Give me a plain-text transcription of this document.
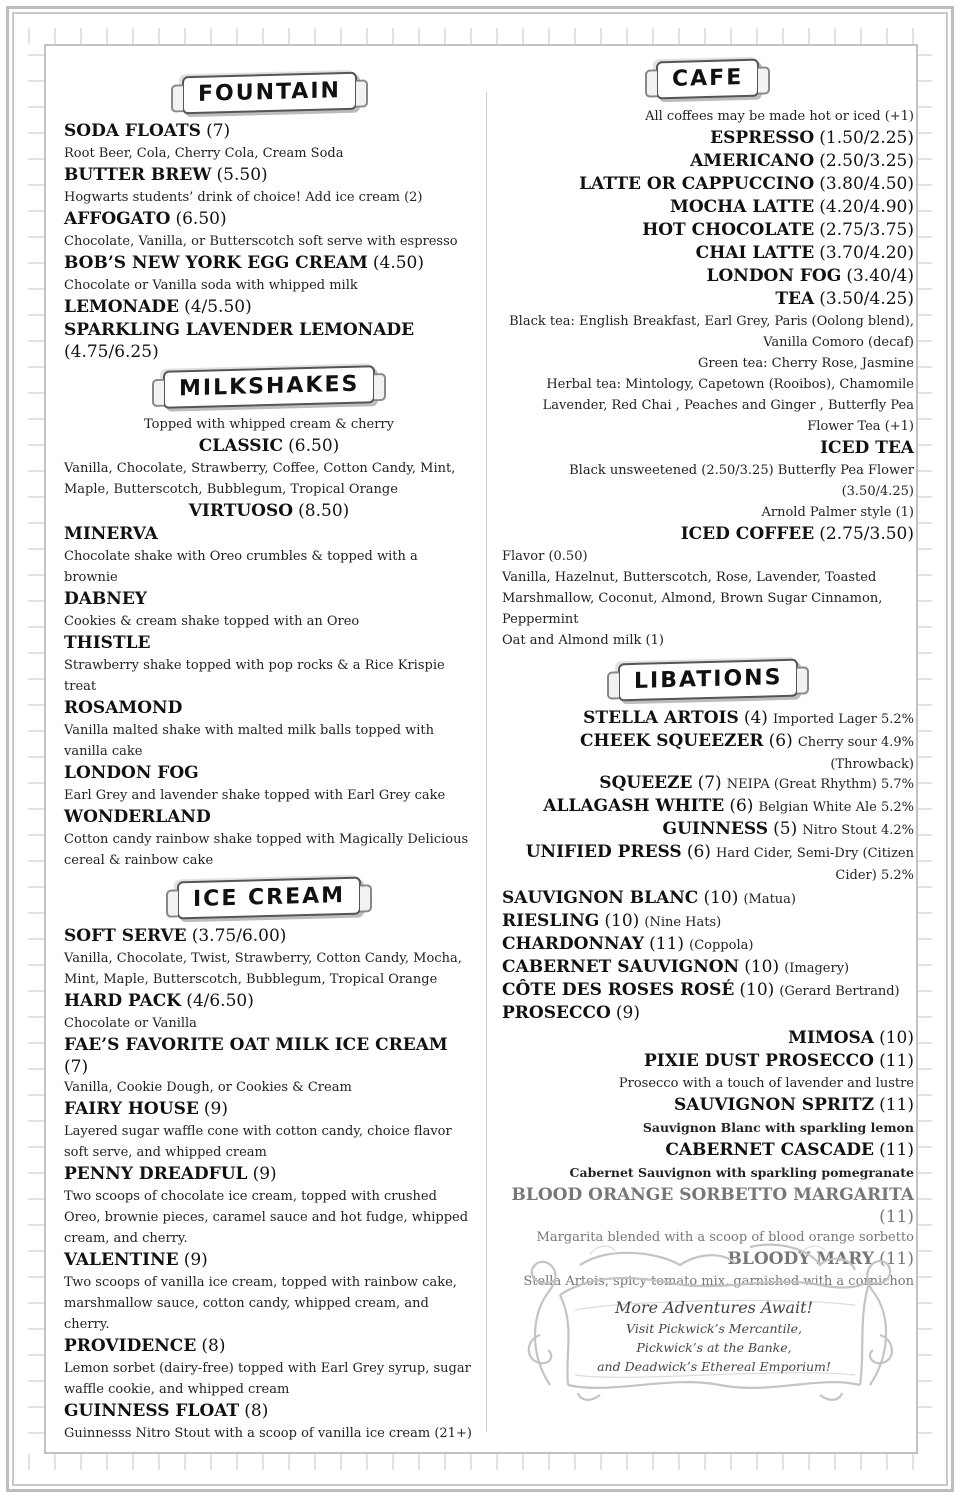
FOUNTAIN
SODA FLOATS (7)
Root Beer, Cola, Cherry Cola, Cream Soda
BUTTER BREW (5.50)
Hogwarts students’ drink of choice! Add ice cream (2)
AFFOGATO (6.50)
Chocolate, Vanilla, or Butterscotch soft serve with espresso
BOB’S NEW YORK EGG CREAM (4.50)
Chocolate or Vanilla soda with whipped milk
LEMONADE (4/5.50)
SPARKLING LAVENDER LEMONADE (4.75/6.25)
MILKSHAKES
Topped with whipped cream & cherry
CLASSIC (6.50)
Vanilla, Chocolate, Strawberry, Coffee, Cotton Candy, Mint, Maple, Butterscotch, Bubblegum, Tropical Orange
VIRTUOSO (8.50)
MINERVA
Chocolate shake with Oreo crumbles & topped with a brownie
DABNEY
Cookies & cream shake topped with an Oreo
THISTLE
Strawberry shake topped with pop rocks & a Rice Krispie treat
ROSAMOND
Vanilla malted shake with malted milk balls topped with vanilla cake
LONDON FOG
Earl Grey and lavender shake topped with Earl Grey cake
WONDERLAND
Cotton candy rainbow shake topped with Magically Delicious cereal & rainbow cake
ICE CREAM
SOFT SERVE (3.75/6.00)
Vanilla, Chocolate, Twist, Strawberry, Cotton Candy, Mocha, Mint, Maple, Butterscotch, Bubblegum, Tropical Orange
HARD PACK (4/6.50)
Chocolate or Vanilla
FAE’S FAVORITE OAT MILK ICE CREAM (7)
Vanilla, Cookie Dough, or Cookies & Cream
FAIRY HOUSE (9)
Layered sugar waffle cone with cotton candy, choice flavor soft serve, and whipped cream
PENNY DREADFUL (9)
Two scoops of chocolate ice cream, topped with crushed Oreo, brownie pieces, caramel sauce and hot fudge, whipped cream, and cherry.
VALENTINE (9)
Two scoops of vanilla ice cream, topped with rainbow cake, marshmallow sauce, cotton candy, whipped cream, and cherry.
PROVIDENCE (8)
Lemon sorbet (dairy-free) topped with Earl Grey syrup, sugar waffle cookie, and whipped cream
GUINNESS FLOAT (8)
Guinnesss Nitro Stout with a scoop of vanilla ice cream (21+)
CAFE
All coffees may be made hot or iced (+1)
ESPRESSO (1.50/2.25)
AMERICANO (2.50/3.25)
LATTE OR CAPPUCCINO (3.80/4.50)
MOCHA LATTE (4.20/4.90)
HOT CHOCOLATE (2.75/3.75)
CHAI LATTE (3.70/4.20)
LONDON FOG (3.40/4)
TEA (3.50/4.25)
Black tea: English Breakfast, Earl Grey, Paris (Oolong blend),
Vanilla Comoro (decaf)
Green tea: Cherry Rose, Jasmine
Herbal tea: Mintology, Capetown (Rooibos), Chamomile
Lavender, Red Chai , Peaches and Ginger , Butterfly Pea
Flower Tea (+1)
ICED TEA
Black unsweetened (2.50/3.25) Butterfly Pea Flower (3.50/4.25)
Arnold Palmer style (1)
ICED COFFEE (2.75/3.50)
Flavor (0.50)
Vanilla, Hazelnut, Butterscotch, Rose, Lavender, Toasted
Marshmallow, Coconut, Almond, Brown Sugar Cinnamon,
Peppermint
Oat and Almond milk (1)
LIBATIONS
STELLA ARTOIS (4) Imported Lager 5.2%
CHEEK SQUEEZER (6) Cherry sour 4.9% (Throwback)
SQUEEZE (7) NEIPA (Great Rhythm) 5.7%
ALLAGASH WHITE (6) Belgian White Ale 5.2%
GUINNESS (5) Nitro Stout 4.2%
UNIFIED PRESS (6) Hard Cider, Semi-Dry (Citizen Cider) 5.2%
SAUVIGNON BLANC (10) (Matua)
RIESLING (10) (Nine Hats)
CHARDONNAY (11) (Coppola)
CABERNET SAUVIGNON (10) (Imagery)
CÔTE DES ROSES ROSÉ (10) (Gerard Bertrand)
PROSECCO (9)
MIMOSA (10)
PIXIE DUST PROSECCO (11)
Prosecco with a touch of lavender and lustre
SAUVIGNON SPRITZ (11)
Sauvignon Blanc with sparkling lemon
CABERNET CASCADE (11)
Cabernet Sauvignon with sparkling pomegranate
BLOOD ORANGE SORBETTO MARGARITA (11)
Margarita blended with a scoop of blood orange sorbetto
BLOODY MARY (11)
Stella Artois, spicy tomato mix, garnished with a cornichon
More Adventures Await!
Visit Pickwick’s Mercantile,
Pickwick’s at the Banke,
and Deadwick’s Ethereal Emporium!
